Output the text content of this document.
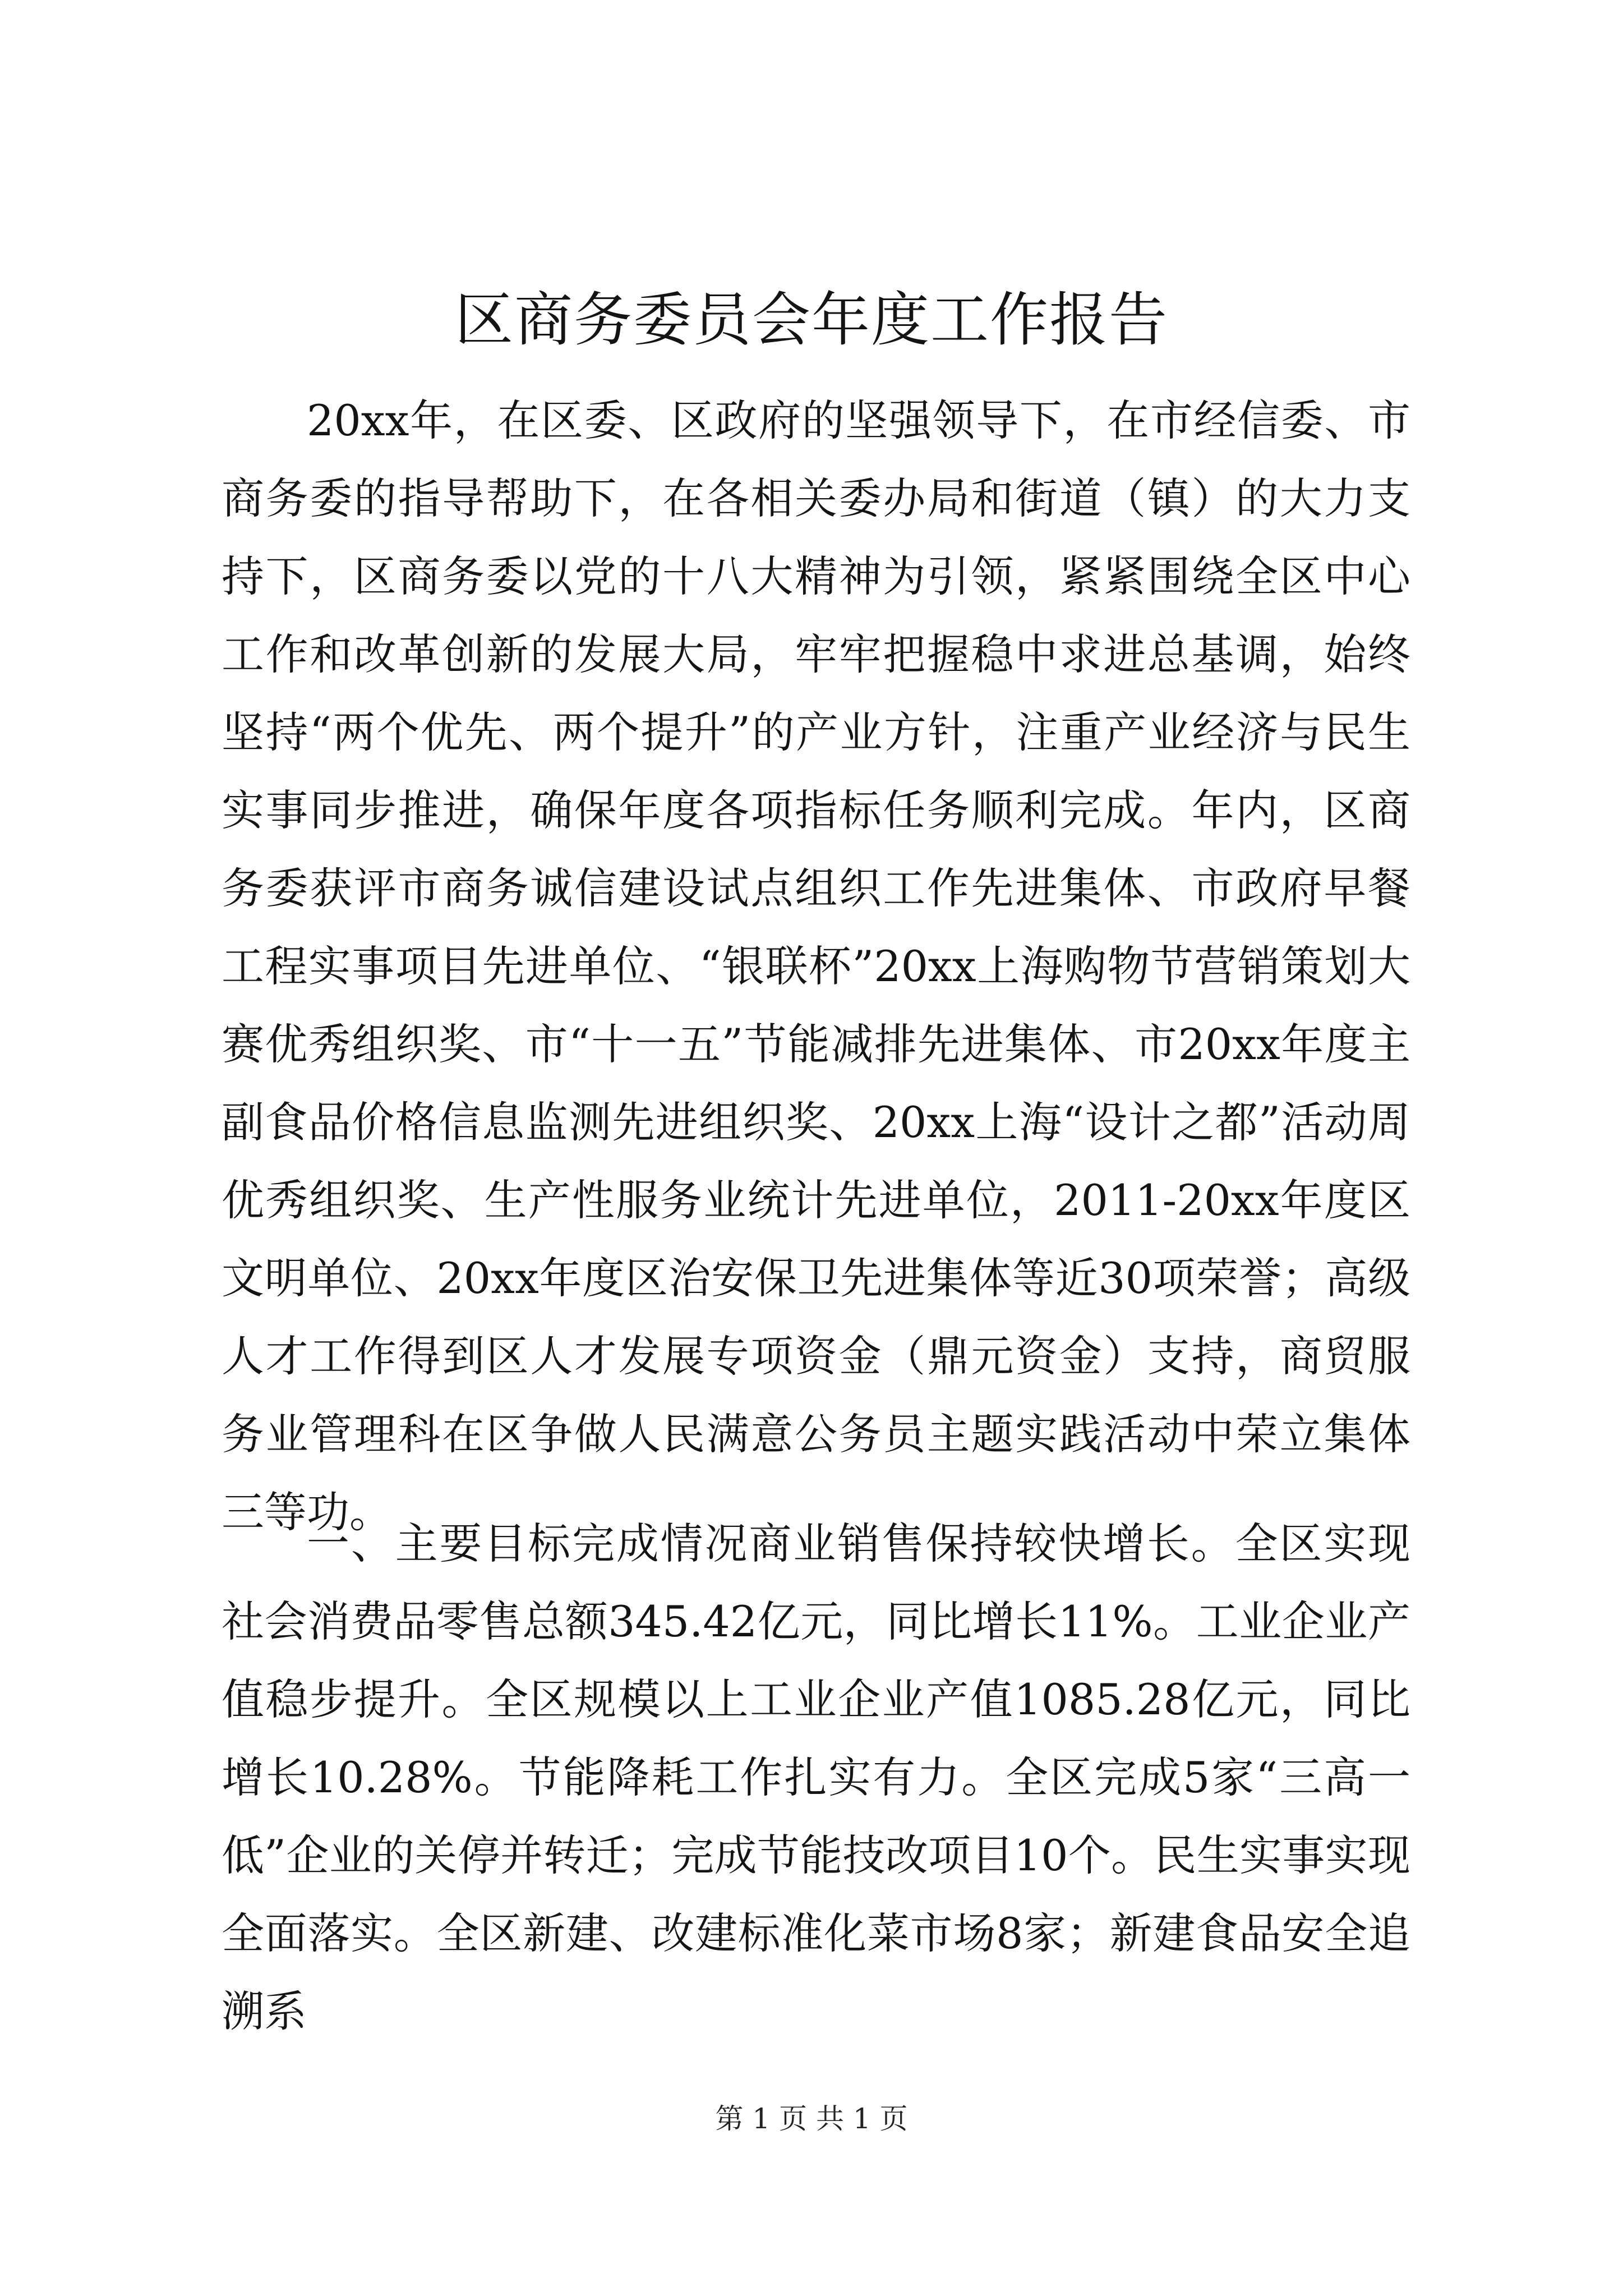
区商务委员会年度工作报告

20xx年，在区委、区政府的坚强领导下，在市经信委、市商务委的指导帮助下，在各相关委办局和街道（镇）的大力支持下，区商务委以党的十八大精神为引领，紧紧围绕全区中心工作和改革创新的发展大局，牢牢把握稳中求进总基调，始终坚持“两个优先、两个提升”的产业方针，注重产业经济与民生实事同步推进，确保年度各项指标任务顺利完成。年内，区商务委获评市商务诚信建设试点组织工作先进集体、市政府早餐工程实事项目先进单位、“银联杯”20xx上海购物节营销策划大赛优秀组织奖、市“十一五”节能减排先进集体、市20xx年度主副食品价格信息监测先进组织奖、20xx上海“设计之都”活动周优秀组织奖、生产性服务业统计先进单位，2011-20xx年度区文明单位、20xx年度区治安保卫先进集体等近30项荣誉；高级人才工作得到区人才发展专项资金（鼎元资金）支持，商贸服务业管理科在区争做人民满意公务员主题实践活动中荣立集体三等功。

一、主要目标完成情况商业销售保持较快增长。全区实现社会消费品零售总额345.42亿元，同比增长11%。工业企业产值稳步提升。全区规模以上工业企业产值1085.28亿元，同比增长10.28%。节能降耗工作扎实有力。全区完成5家“三高一低”企业的关停并转迁；完成节能技改项目10个。民生实事实现全面落实。全区新建、改建标准化菜市场8家；新建食品安全追溯系

第 1 页 共 1 页
